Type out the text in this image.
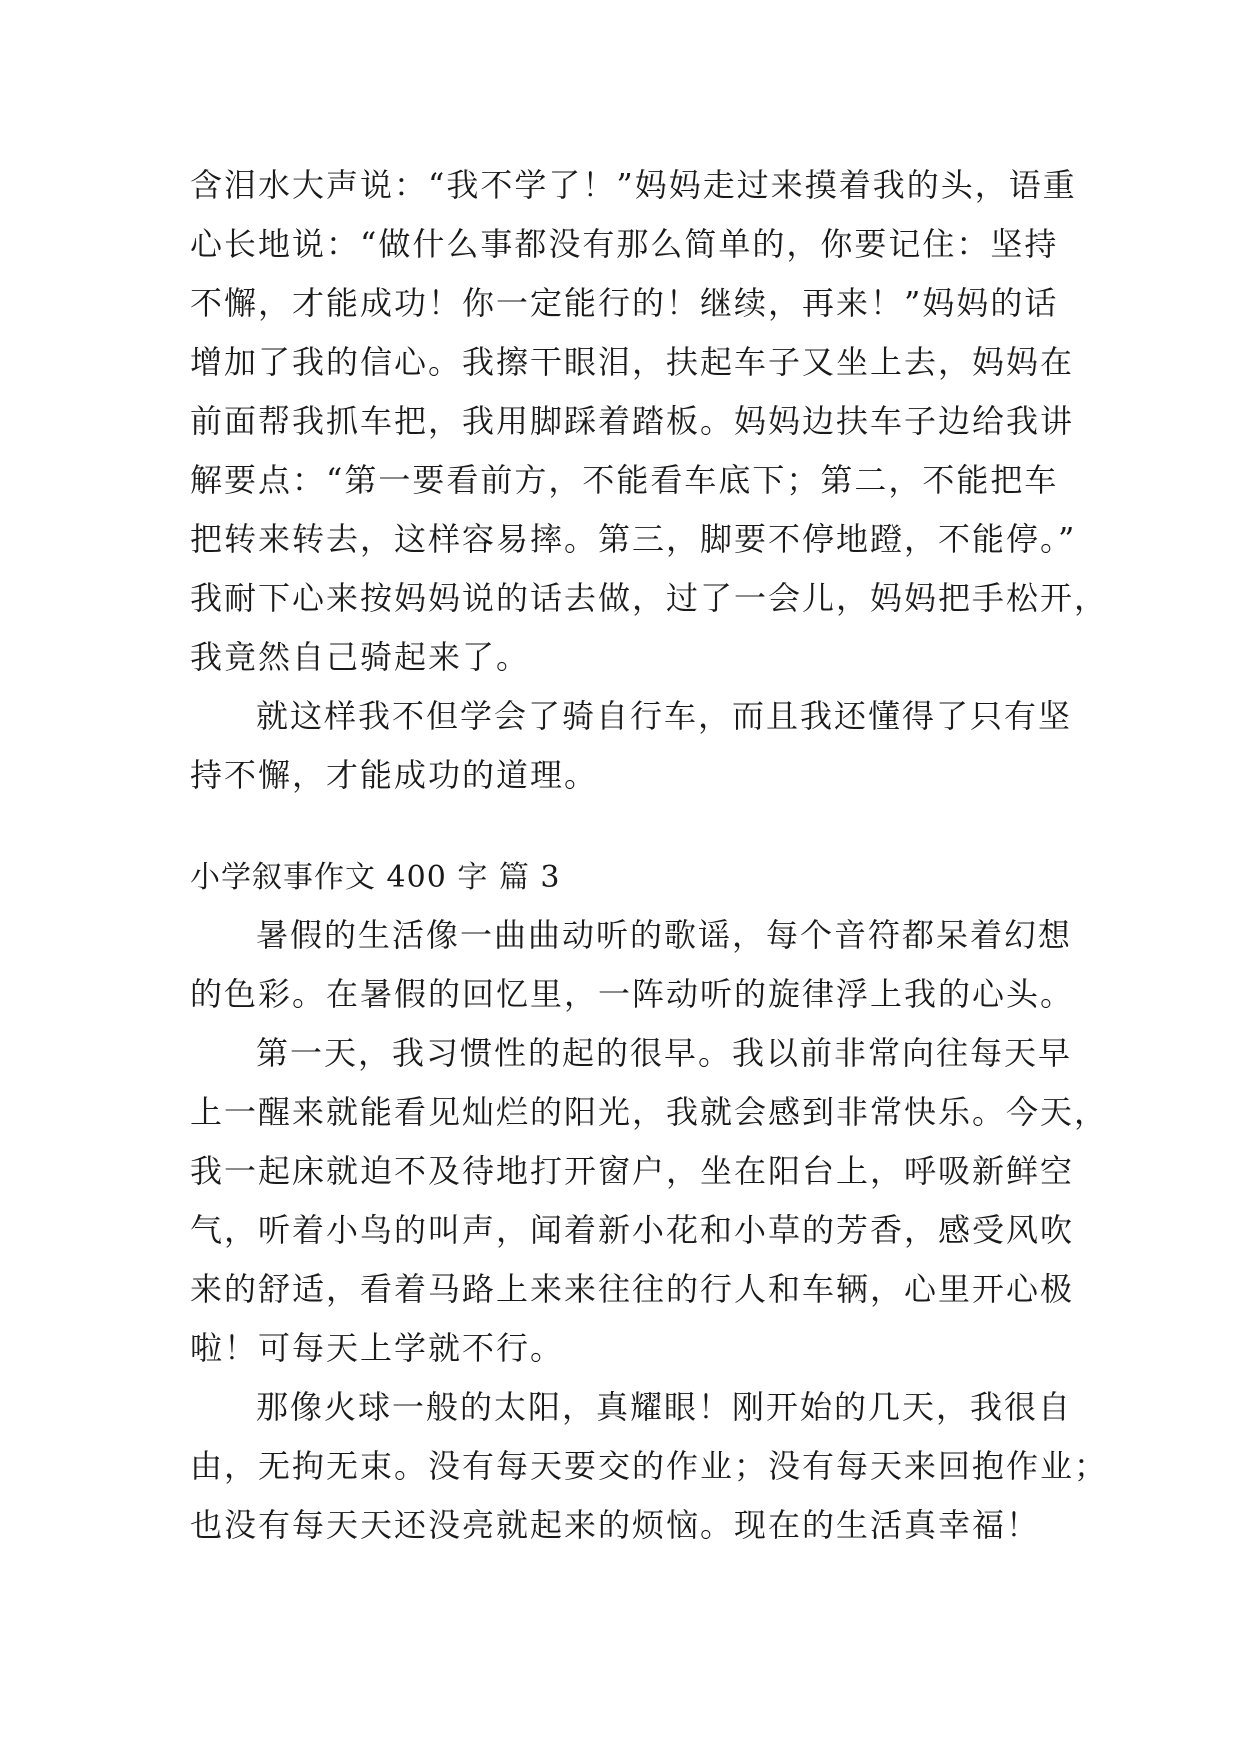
含泪水大声说：“我不学了！”妈妈走过来摸着我的头，语重
心长地说：“做什么事都没有那么简单的，你要记住：坚持
不懈，才能成功！你一定能行的！继续，再来！”妈妈的话
增加了我的信心。我擦干眼泪，扶起车子又坐上去，妈妈在
前面帮我抓车把，我用脚踩着踏板。妈妈边扶车子边给我讲
解要点：“第一要看前方，不能看车底下；第二，不能把车
把转来转去，这样容易摔。第三，脚要不停地蹬，不能停。”
我耐下心来按妈妈说的话去做，过了一会儿，妈妈把手松开，
我竟然自己骑起来了。
就这样我不但学会了骑自行车，而且我还懂得了只有坚
持不懈，才能成功的道理。
小学叙事作文 400 字 篇 3
暑假的生活像一曲曲动听的歌谣，每个音符都呆着幻想
的色彩。在暑假的回忆里，一阵动听的旋律浮上我的心头。
第一天，我习惯性的起的很早。我以前非常向往每天早
上一醒来就能看见灿烂的阳光，我就会感到非常快乐。今天，
我一起床就迫不及待地打开窗户，坐在阳台上，呼吸新鲜空
气，听着小鸟的叫声，闻着新小花和小草的芳香，感受风吹
来的舒适，看着马路上来来往往的行人和车辆，心里开心极
啦！可每天上学就不行。
那像火球一般的太阳，真耀眼！刚开始的几天，我很自
由，无拘无束。没有每天要交的作业；没有每天来回抱作业；
也没有每天天还没亮就起来的烦恼。现在的生活真幸福！
